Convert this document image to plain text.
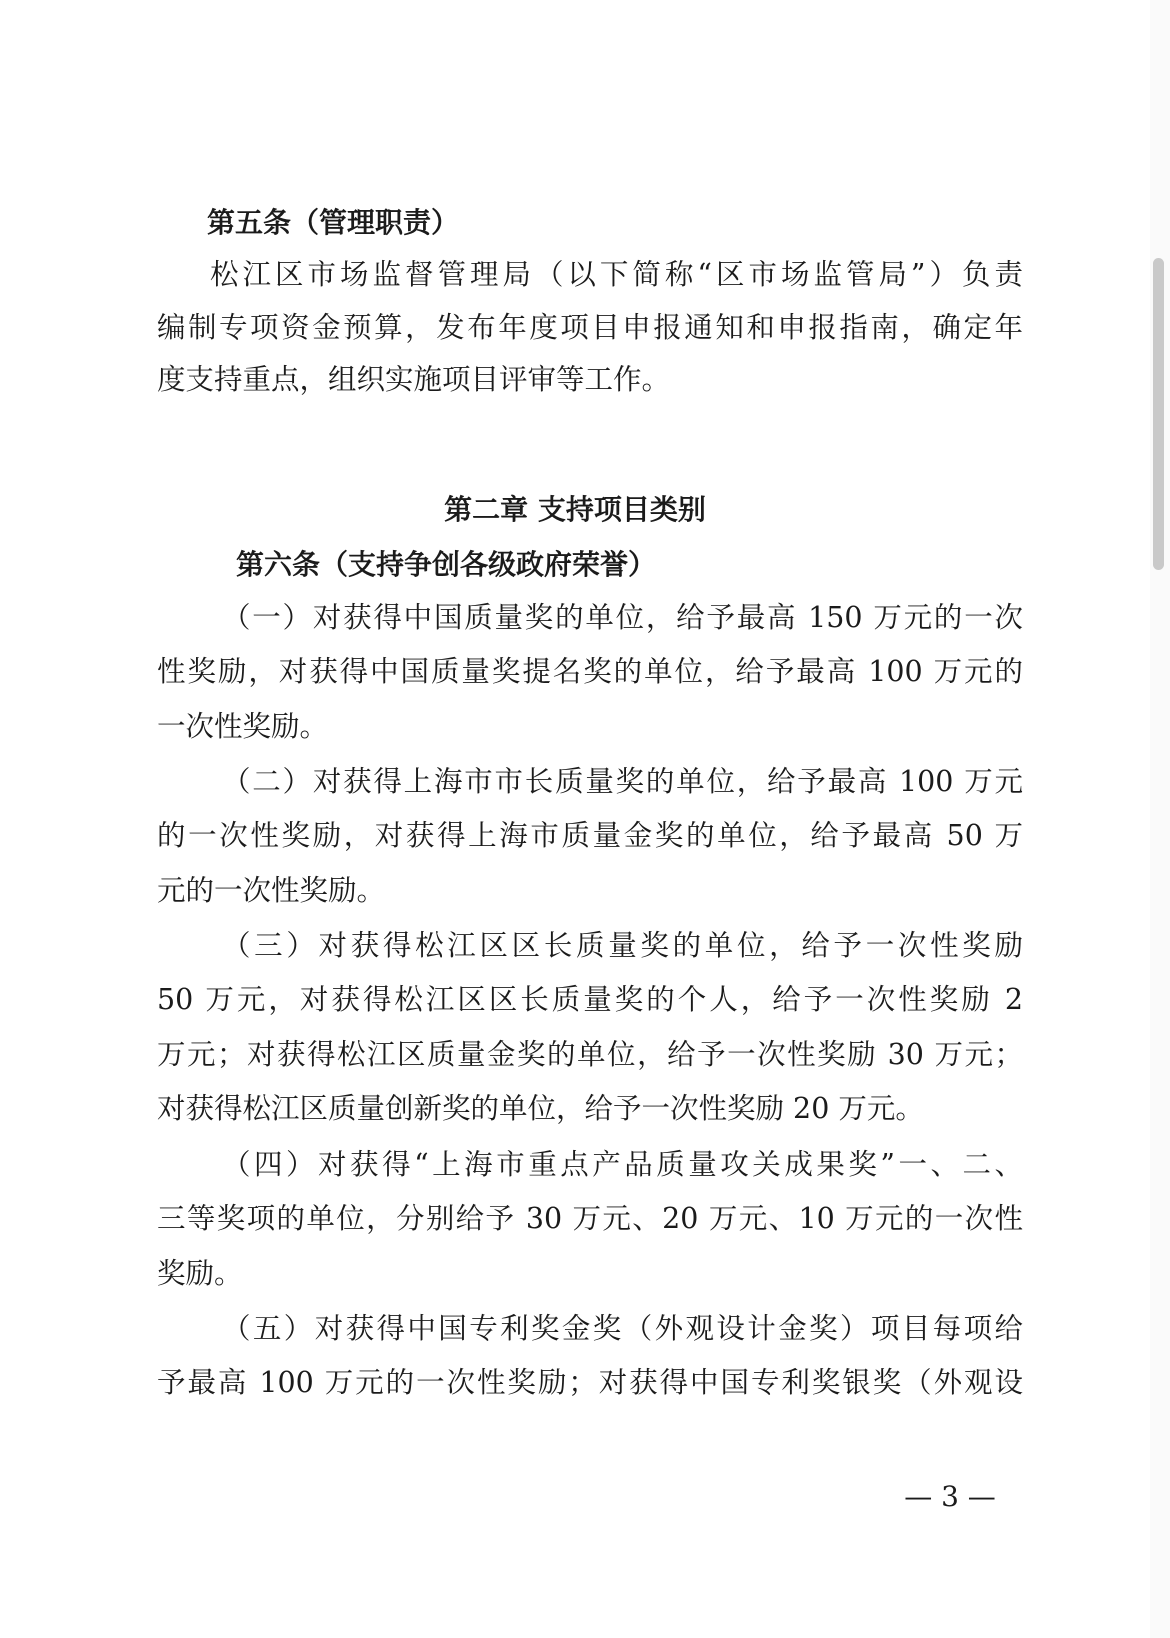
第五条（管理职责）

松江区市场监督管理局（以下简称“区市场监管局”）负责

编制专项资金预算，发布年度项目申报通知和申报指南，确定年

度支持重点，组织实施项目评审等工作。

第二章 支持项目类别

第六条（支持争创各级政府荣誉）

（一）对获得中国质量奖的单位，给予最高 150 万元的一次

性奖励，对获得中国质量奖提名奖的单位，给予最高 100 万元的

一次性奖励。

（二）对获得上海市市长质量奖的单位，给予最高 100 万元

的一次性奖励，对获得上海市质量金奖的单位，给予最高 50 万

元的一次性奖励。

（三）对获得松江区区长质量奖的单位，给予一次性奖励

50 万元，对获得松江区区长质量奖的个人，给予一次性奖励 2

万元；对获得松江区质量金奖的单位，给予一次性奖励 30 万元；

对获得松江区质量创新奖的单位，给予一次性奖励 20 万元。

（四）对获得“上海市重点产品质量攻关成果奖”一、二、

三等奖项的单位，分别给予 30 万元、20 万元、10 万元的一次性

奖励。

（五）对获得中国专利奖金奖（外观设计金奖）项目每项给

予最高 100 万元的一次性奖励；对获得中国专利奖银奖（外观设

— 3 —
